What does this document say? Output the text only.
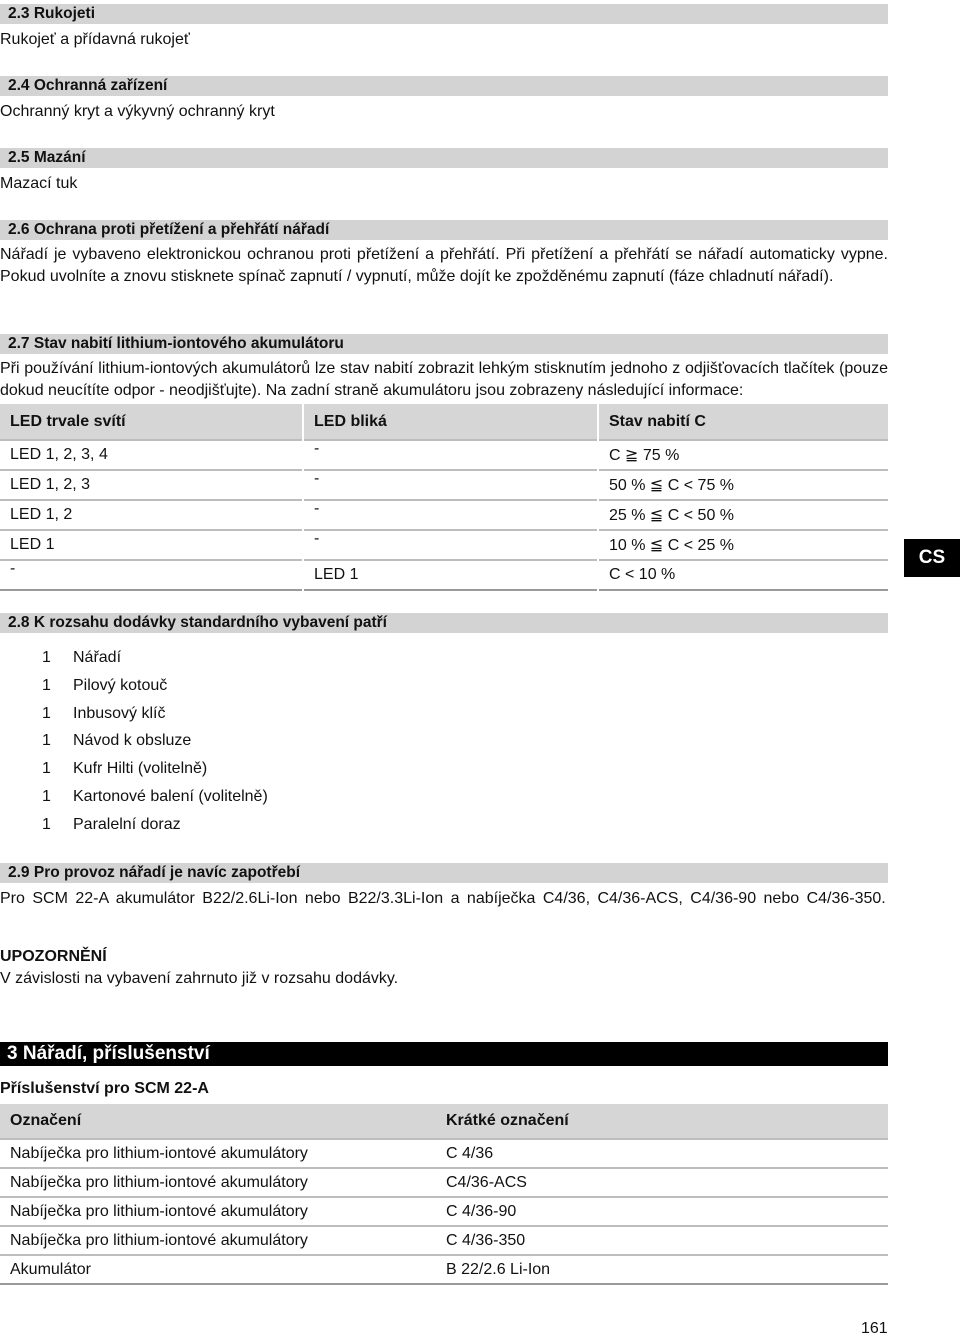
2.3 Rukojeti
Rukojeť a přídavná rukojeť
2.4 Ochranná zařízení
Ochranný kryt a výkyvný ochranný kryt
2.5 Mazání
Mazací tuk
2.6 Ochrana proti přetížení a přehřátí nářadí
Nářadí je vybaveno elektronickou ochranou proti přetížení a přehřátí. Při přetížení a přehřátí se nářadí automaticky vypne. Pokud uvolníte a znovu stisknete spínač zapnutí / vypnutí, může dojít ke zpožděnému zapnutí (fáze chladnutí nářadí).
2.7 Stav nabití lithium-iontového akumulátoru
Při používání lithium-iontových akumulátorů lze stav nabití zobrazit lehkým stisknutím jednoho z odjišťovacích tlačítek (pouze dokud neucítíte odpor - neodjišťujte). Na zadní straně akumulátoru jsou zobrazeny následující informace:
LED trvale svítí	LED bliká	Stav nabití C
LED 1, 2, 3, 4	-	C ≧ 75 %
LED 1, 2, 3	-	50 % ≦ C < 75 %
LED 1, 2	-	25 % ≦ C < 50 %
LED 1	-	10 % ≦ C < 25 %
-	LED 1	C < 10 %
CS
2.8 K rozsahu dodávky standardního vybavení patří
1 Nářadí
1 Pilový kotouč
1 Inbusový klíč
1 Návod k obsluze
1 Kufr Hilti (volitelně)
1 Kartonové balení (volitelně)
1 Paralelní doraz
2.9 Pro provoz nářadí je navíc zapotřebí
Pro SCM 22-A akumulátor B22/2.6Li-Ion nebo B22/3.3Li-Ion a nabíječka C4/36, C4/36-ACS, C4/36-90 nebo C4/36-350.
UPOZORNĚNÍ
V závislosti na vybavení zahrnuto již v rozsahu dodávky.
3 Nářadí, příslušenství
Příslušenství pro SCM 22-A
Označení	Krátké označení
Nabíječka pro lithium-iontové akumulátory	C 4/36
Nabíječka pro lithium-iontové akumulátory	C4/36-ACS
Nabíječka pro lithium-iontové akumulátory	C 4/36-90
Nabíječka pro lithium-iontové akumulátory	C 4/36-350
Akumulátor	B 22/2.6 Li-Ion
161
